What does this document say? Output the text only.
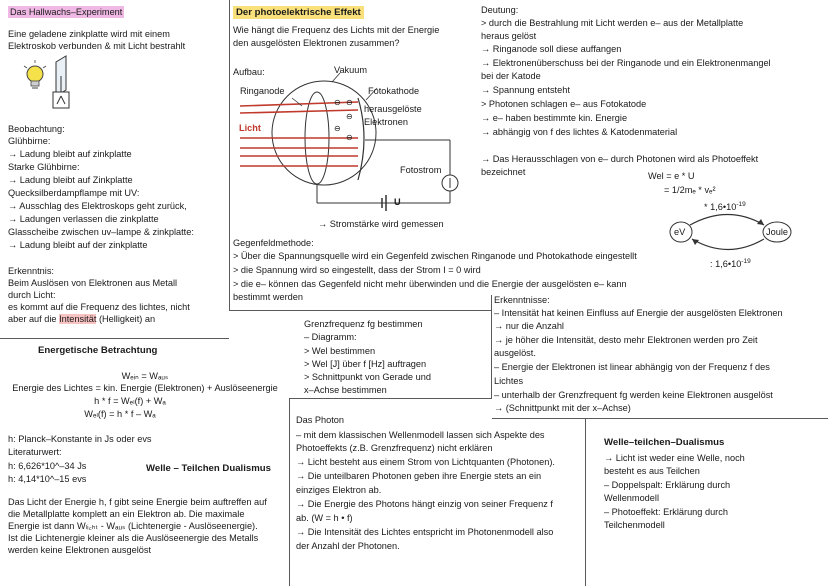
Das Hallwachs–Experiment
Eine geladene zinkplatte wird mit einem
Elektroskob verbunden & mit Licht bestrahlt
Beobachtung:
Glühbirne:
→ Ladung bleibt auf zinkplatte
Starke Glühbirne:
→ Ladung bleibt auf Zinkplatte
Quecksilberdampflampe mit UV:
→ Ausschlag des Elektroskops geht zurück,
→ Ladungen verlassen die zinkplatte
Glasscheibe zwischen uv–lampe & zinkplatte:
→ Ladung bleibt auf der zinkplatte
Erkenntnis:
Beim Auslösen von Elektronen aus Metall
durch Licht:
es kommt auf die Frequenz des lichtes, nicht
aber auf die Intensität (Helligkeit) an
Energetische Betrachtung
Wₑᵢₙ = Wₐᵤₛ
Energie des Lichtes = kin. Energie (Elektronen) + Auslöseenergie
h * f = Wₑₗ(f) + Wₐ
Wₑₗ(f) = h * f – Wₐ
h: Planck–Konstante in Js oder evs
Literaturwert:
h: 6,626*10^–34 Js
h: 4,14*10^–15 evs
Welle – Teilchen Dualismus
Das Licht der Energie h, f gibt seine Energie beim auftreffen auf
die Metallplatte komplett an ein Elektron ab. Die maximale
Energie ist dann Wₗᵢ꜀ₕₜ - Wₐᵤₛ (Lichtenergie - Auslöseenergie).
Ist die Lichtenergie kleiner als die Auslöseenergie des Metalls
werden keine Elektronen ausgelöst
Der photoelektrische Effekt
Wie hängt die Frequenz des Lichts mit der Energie
den ausgelösten Elektronen zusammen?
Aufbau:	Vakuum
Ringanode	Fotokathode
herausgelöste
Elektronen
Licht
⊖ ⊖
⊖
⊖
⊖
Fotostrom
U
→ Stromstärke wird gemessen
Gegenfeldmethode:
> Über die Spannungsquelle wird ein Gegenfeld zwischen Ringanode und Photokathode eingestellt
> die Spannung wird so eingestellt, dass der Strom I = 0 wird
> die e– können das Gegenfeld nicht mehr überwinden und die Energie der ausgelösten e– kann
bestimmt werden
Deutung:
> durch die Bestrahlung mit Licht werden e– aus der Metallplatte
heraus gelöst
→ Ringanode soll diese auffangen
→ Elektronenüberschuss bei der Ringanode und ein Elektronenmangel
bei der Katode
→ Spannung entsteht
> Photonen schlagen e– aus Fotokatode
→ e– haben bestimmte kin. Energie
→ abhängig von f des lichtes & Katodenmaterial
→ Das Herausschlagen von e– durch Photonen wird als Photoeffekt
bezeichnet	Wel = e * U
= 1/2mₑ * vₑ²
* $1,6•10^{-19}$
eV	Joule
: $1,6•10^{-19}$
Erkenntnisse:
– Intensität hat keinen Einfluss auf Energie der ausgelösten Elektronen
→ nur die Anzahl
→ je höher die Intensität, desto mehr Elektronen werden pro Zeit
ausgelöst.
– Energie der Elektronen ist linear abhängig von der Frequenz f des
Lichtes
– unterhalb der Grenzfrequent fg werden keine Elektronen ausgelöst
→ (Schnittpunkt mit der x–Achse)
Grenzfrequenz fg bestimmen
– Diagramm:
> Wel bestimmen
> Wel [J] über f [Hz] auftragen
> Schnittpunkt von Gerade und
x–Achse bestimmen
Das Photon
– mit dem klassischen Wellenmodell lassen sich Aspekte des
Photoeffekts (z.B. Grenzfrequenz) nicht erklären
→ Licht besteht aus einem Strom von Lichtquanten (Photonen).
→ Die unteilbaren Photonen geben ihre Energie stets an ein
einziges Elektron ab.
→ Die Energie des Photons hängt einzig von seiner Frequenz f
ab. (W = h • f)
→ Die Intensität des Lichtes entspricht im Photonenmodell also
der Anzahl der Photonen.
Welle–teilchen–Dualismus
→ Licht ist weder eine Welle, noch
besteht es aus Teilchen
– Doppelspalt: Erklärung durch
Wellenmodell
– Photoeffekt: Erklärung durch
Teilchenmodell
